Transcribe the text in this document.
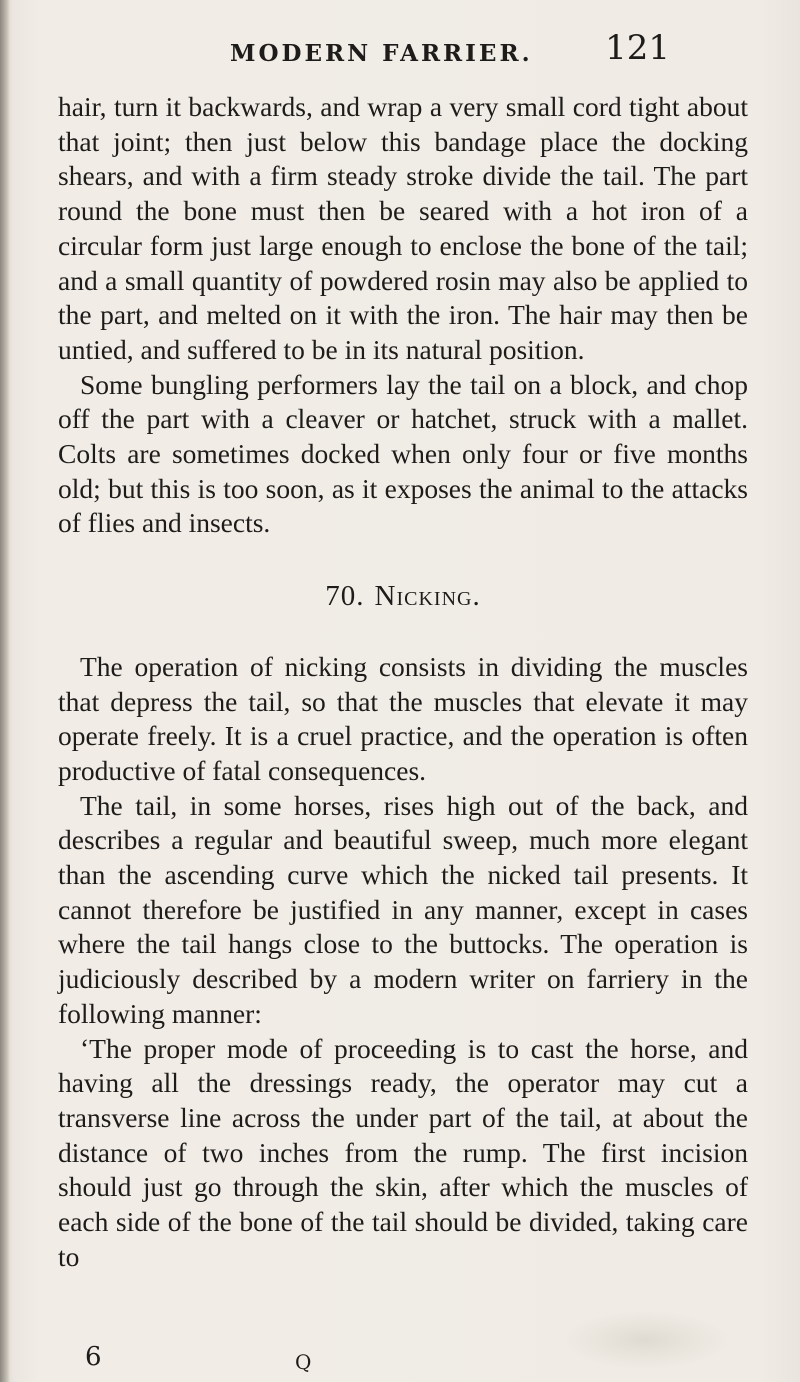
MODERN FARRIER. 121

hair, turn it backwards, and wrap a very small cord tight about that joint; then just below this bandage place the docking shears, and with a firm steady stroke divide the tail. The part round the bone must then be seared with a hot iron of a circular form just large enough to enclose the bone of the tail; and a small quantity of powdered rosin may also be applied to the part, and melted on it with the iron. The hair may then be untied, and suffered to be in its natural position.

Some bungling performers lay the tail on a block, and chop off the part with a cleaver or hatchet, struck with a mallet. Colts are sometimes docked when only four or five months old; but this is too soon, as it exposes the animal to the attacks of flies and insects.

70. Nicking.

The operation of nicking consists in dividing the muscles that depress the tail, so that the muscles that elevate it may operate freely. It is a cruel practice, and the operation is often productive of fatal consequences.

The tail, in some horses, rises high out of the back, and describes a regular and beautiful sweep, much more elegant than the ascending curve which the nicked tail presents. It cannot therefore be justified in any manner, except in cases where the tail hangs close to the buttocks. The operation is judiciously described by a modern writer on farriery in the following manner:

‘The proper mode of proceeding is to cast the horse, and having all the dressings ready, the operator may cut a transverse line across the under part of the tail, at about the distance of two inches from the rump. The first incision should just go through the skin, after which the muscles of each side of the bone of the tail should be divided, taking care to

6	Q
